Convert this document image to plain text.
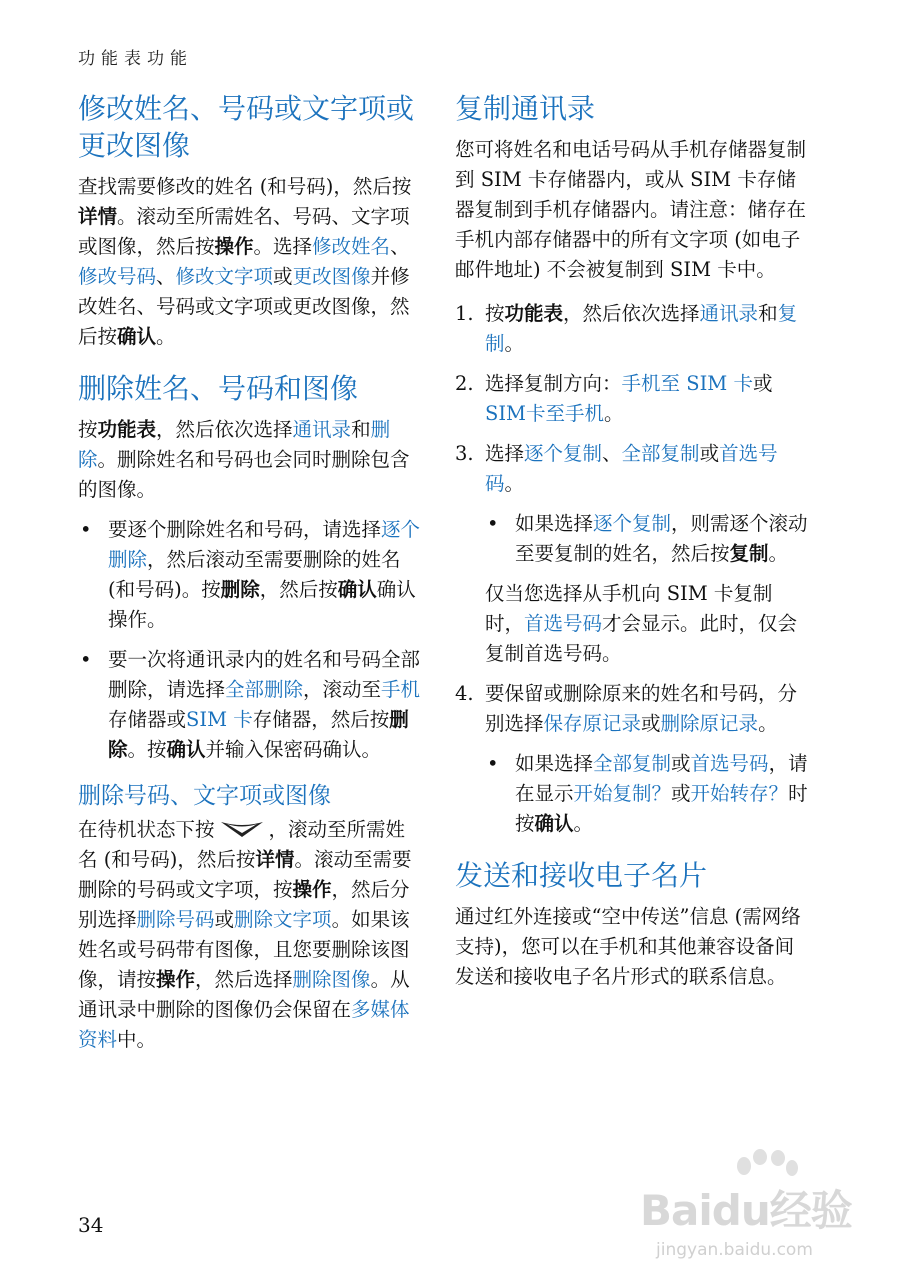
功能表功能
修改姓名、号码或文字项或更改图像

查找需要修改的姓名 (和号码)，然后按详情。滚动至所需姓名、号码、文字项或图像，然后按操作。选择修改姓名、修改号码、修改文字项或更改图像并修改姓名、号码或文字项或更改图像，然后按确认。

删除姓名、号码和图像

按功能表，然后依次选择通讯录和删除。删除姓名和号码也会同时删除包含的图像。

• 要逐个删除姓名和号码，请选择逐个删除，然后滚动至需要删除的姓名 (和号码)。按删除，然后按确认确认操作。
• 要一次将通讯录内的姓名和号码全部删除，请选择全部删除，滚动至手机存储器或SIM 卡存储器，然后按删除。按确认并输入保密码确认。
删除号码、文字项或图像

在待机状态下按	，滚动至所需姓名 (和号码)，然后按详情。滚动至需要删除的号码或文字项，按操作，然后分别选择删除号码或删除文字项。如果该姓名或号码带有图像，且您要删除该图像，请按操作，然后选择删除图像。从通讯录中删除的图像仍会保留在多媒体资料中。

复制通讯录

您可将姓名和电话号码从手机存储器复制到 SIM 卡存储器内，或从 SIM 卡存储器复制到手机存储器内。请注意：储存在手机内部存储器中的所有文字项 (如电子邮件地址) 不会被复制到 SIM 卡中。

1. 按功能表，然后依次选择通讯录和复制。
2. 选择复制方向：手机至 SIM 卡或SIM卡至手机。
3. 选择逐个复制、全部复制或首选号码。
• 如果选择逐个复制，则需逐个滚动至要复制的姓名，然后按复制。

仅当您选择从手机向 SIM 卡复制时，首选号码才会显示。此时，仅会复制首选号码。

4. 要保留或删除原来的姓名和号码，分别选择保存原记录或删除原记录。
• 如果选择全部复制或首选号码，请在显示开始复制？或开始转存？时按确认。
发送和接收电子名片

通过红外连接或“空中传送”信息 (需网络支持)，您可以在手机和其他兼容设备间发送和接收电子名片形式的联系信息。

34	Baidu经验
jingyan.baidu.com
